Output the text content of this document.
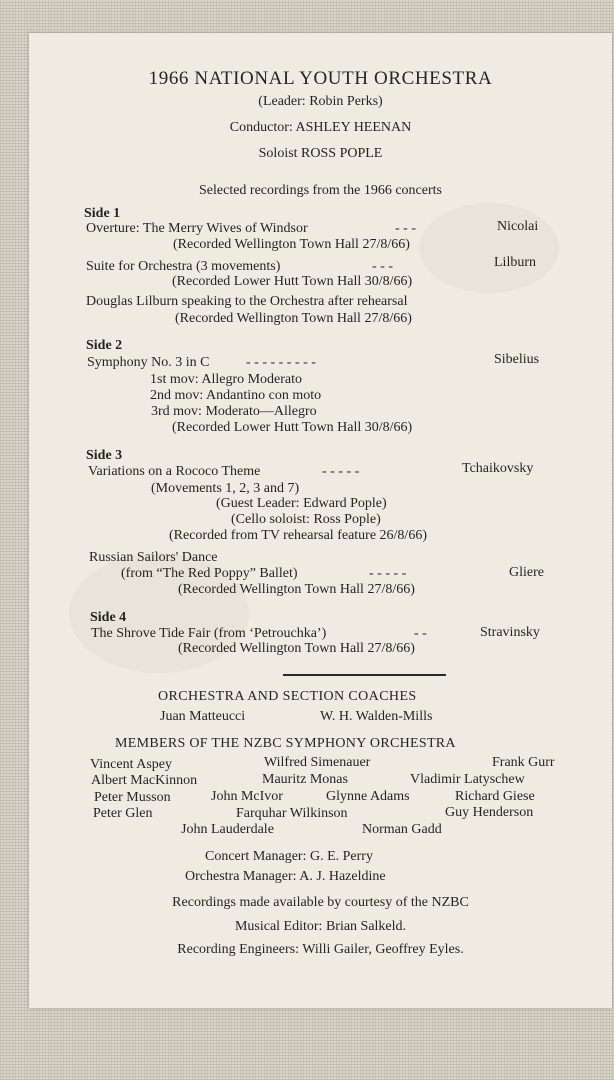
1966 NATIONAL YOUTH ORCHESTRA
(Leader: Robin Perks)
Conductor: ASHLEY HEENAN
Soloist ROSS POPLE
Selected recordings from the 1966 concerts
Side 1
Overture: The Merry Wives of Windsor	- - -	Nicolai
(Recorded Wellington Town Hall 27/8/66)
Suite for Orchestra (3 movements)	- - -	Lilburn
(Recorded Lower Hutt Town Hall 30/8/66)
Douglas Lilburn speaking to the Orchestra after rehearsal
(Recorded Wellington Town Hall 27/8/66)
Side 2
Symphony No. 3 in C	- - - - - - - - -	Sibelius
1st mov: Allegro Moderato
2nd mov: Andantino con moto
3rd mov: Moderato—Allegro
(Recorded Lower Hutt Town Hall 30/8/66)
Side 3
Variations on a Rococo Theme	- - - - -	Tchaikovsky
(Movements 1, 2, 3 and 7)
(Guest Leader: Edward Pople)
(Cello soloist: Ross Pople)
(Recorded from TV rehearsal feature 26/8/66)
Russian Sailors' Dance
(from “The Red Poppy” Ballet)	- - - - -	Gliere
(Recorded Wellington Town Hall 27/8/66)
Side 4
The Shrove Tide Fair (from ‘Petrouchka’)	- -	Stravinsky
(Recorded Wellington Town Hall 27/8/66)
ORCHESTRA AND SECTION COACHES
Juan Matteucci	W. H. Walden-Mills
MEMBERS OF THE NZBC SYMPHONY ORCHESTRA
Vincent Aspey	Wilfred Simenauer	Frank Gurr
Albert MacKinnon	Mauritz Monas	Vladimir Latyschew
Peter Musson	John McIvor	Glynne Adams	Richard Giese
Peter Glen	Farquhar Wilkinson	Guy Henderson
John Lauderdale	Norman Gadd
Concert Manager: G. E. Perry
Orchestra Manager: A. J. Hazeldine
Recordings made available by courtesy of the NZBC
Musical Editor: Brian Salkeld.
Recording Engineers: Willi Gailer, Geoffrey Eyles.
